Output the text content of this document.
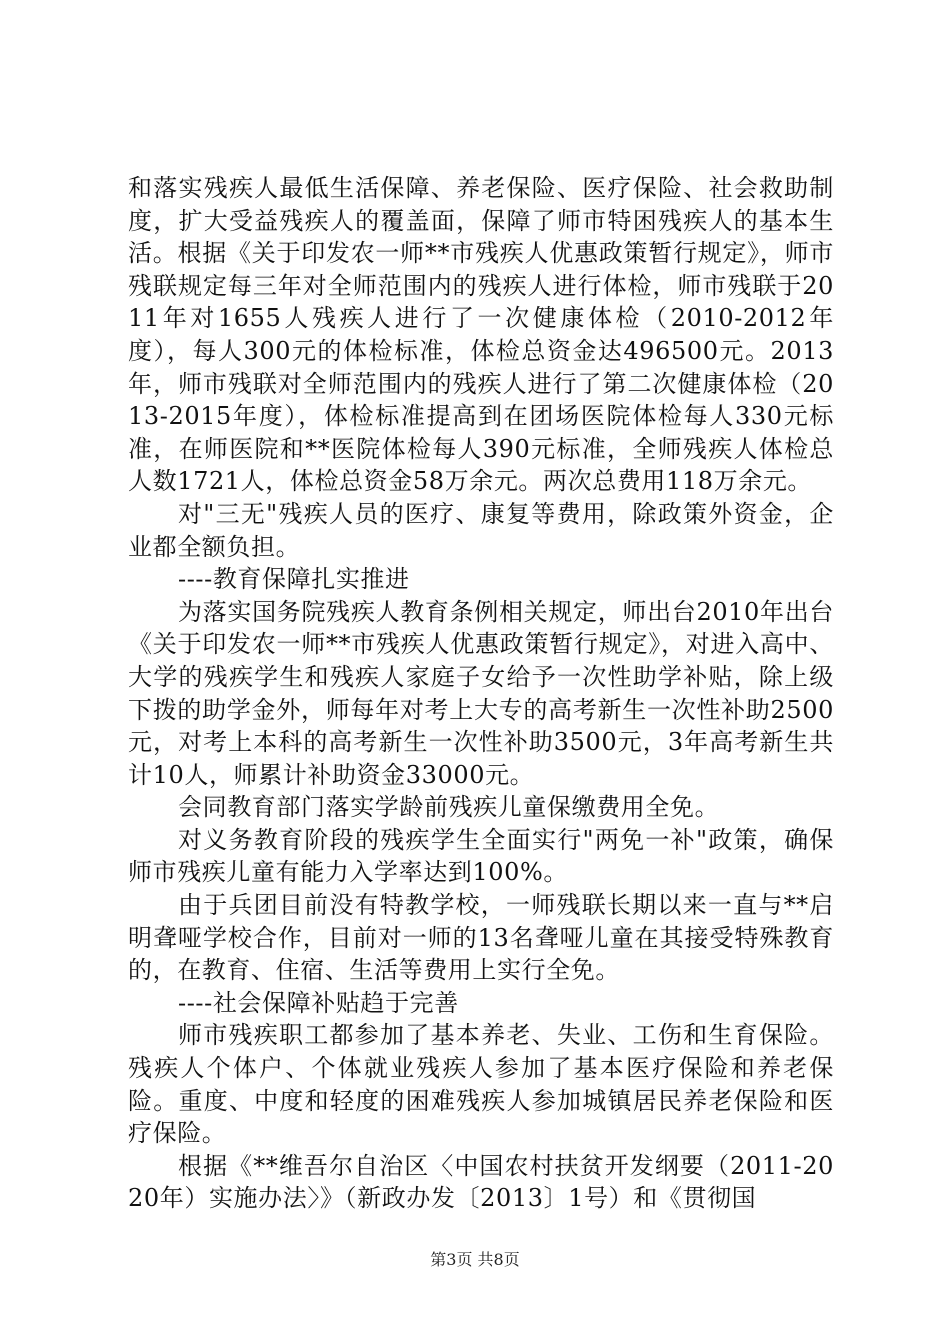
和落实残疾人最低生活保障、养老保险、医疗保险、社会救助制度，扩大受益残疾人的覆盖面，保障了师市特困残疾人的基本生活。根据《关于印发农一师**市残疾人优惠政策暂行规定》，师市残联规定每三年对全师范围内的残疾人进行体检，师市残联于2011年对1655人残疾人进行了一次健康体检（2010-2012年度），每人300元的体检标准，体检总资金达496500元。2013年，师市残联对全师范围内的残疾人进行了第二次健康体检（2013-2015年度），体检标准提高到在团场医院体检每人330元标准，在师医院和**医院体检每人390元标准，全师残疾人体检总人数1721人，体检总资金58万余元。两次总费用118万余元。

对"三无"残疾人员的医疗、康复等费用，除政策外资金，企业都全额负担。

----教育保障扎实推进

为落实国务院残疾人教育条例相关规定，师出台2010年出台《关于印发农一师**市残疾人优惠政策暂行规定》，对进入高中、大学的残疾学生和残疾人家庭子女给予一次性助学补贴，除上级下拨的助学金外，师每年对考上大专的高考新生一次性补助2500元，对考上本科的高考新生一次性补助3500元，3年高考新生共计10人，师累计补助资金33000元。

会同教育部门落实学龄前残疾儿童保缴费用全免。

对义务教育阶段的残疾学生全面实行"两免一补"政策，确保师市残疾儿童有能力入学率达到100%。

由于兵团目前没有特教学校，一师残联长期以来一直与**启明聋哑学校合作，目前对一师的13名聋哑儿童在其接受特殊教育的，在教育、住宿、生活等费用上实行全免。

----社会保障补贴趋于完善

师市残疾职工都参加了基本养老、失业、工伤和生育保险。残疾人个体户、个体就业残疾人参加了基本医疗保险和养老保险。重度、中度和轻度的困难残疾人参加城镇居民养老保险和医疗保险。

根据《**维吾尔自治区〈中国农村扶贫开发纲要（2011-2020年）实施办法〉》（新政办发〔2013〕1号）和《贯彻国

第3页 共8页
